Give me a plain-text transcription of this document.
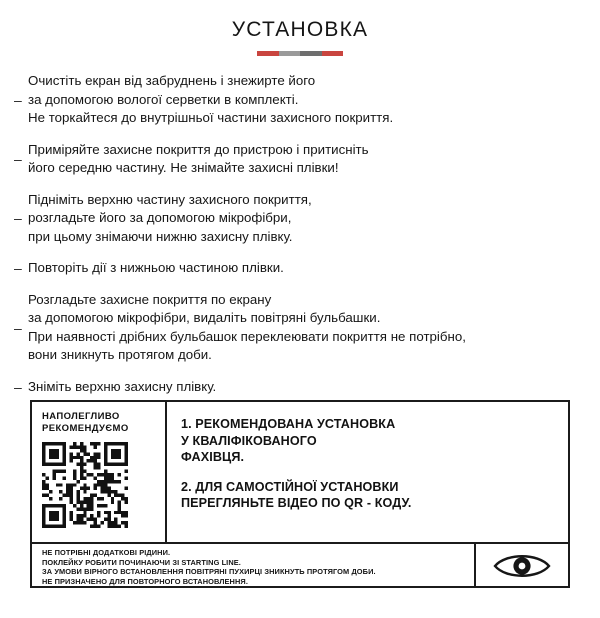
УСТАНОВКА
–
Очистіть екран від забруднень і знежирте його
за допомогою вологої серветки в комплекті.
Не торкайтеся до внутрішньої частини захисного покриття.
–
Приміряйте захисне покриття до пристрою і притисніть
його середню частину. Не знімайте захисні плівки!
–
Підніміть верхню частину захисного покриття,
розгладьте його за допомогою мікрофібри,
при цьому знімаючи нижню захисну плівку.
– Повторіть дії з нижньою частиною плівки.
–
Розгладьте захисне покриття по екрану
за допомогою мікрофібри, видаліть повітряні бульбашки.
При наявності дрібних бульбашок переклеювати покриття не потрібно,
вони зникнуть протягом доби.
– Зніміть верхню захисну плівку.
НАПОЛЕГЛИВО
РЕКОМЕНДУЄМО	1. РЕКОМЕНДОВАНА УСТАНОВКА
У КВАЛІФІКОВАНОГО
ФАХІВЦЯ.

2. ДЛЯ САМОСТІЙНОЇ УСТАНОВКИ
ПЕРЕГЛЯНЬТЕ ВІДЕО ПО QR - КОДУ.

НЕ ПОТРІБНІ ДОДАТКОВІ РІДИНИ.
ПОКЛЕЙКУ РОБИТИ ПОЧИНАЮЧИ ЗІ STARTING LINE.
ЗА УМОВИ ВІРНОГО ВСТАНОВЛЕННЯ ПОВІТРЯНІ ПУХИРЦІ ЗНИКНУТЬ ПРОТЯГОМ ДОБИ.
НЕ ПРИЗНАЧЕНО ДЛЯ ПОВТОРНОГО ВСТАНОВЛЕННЯ.
